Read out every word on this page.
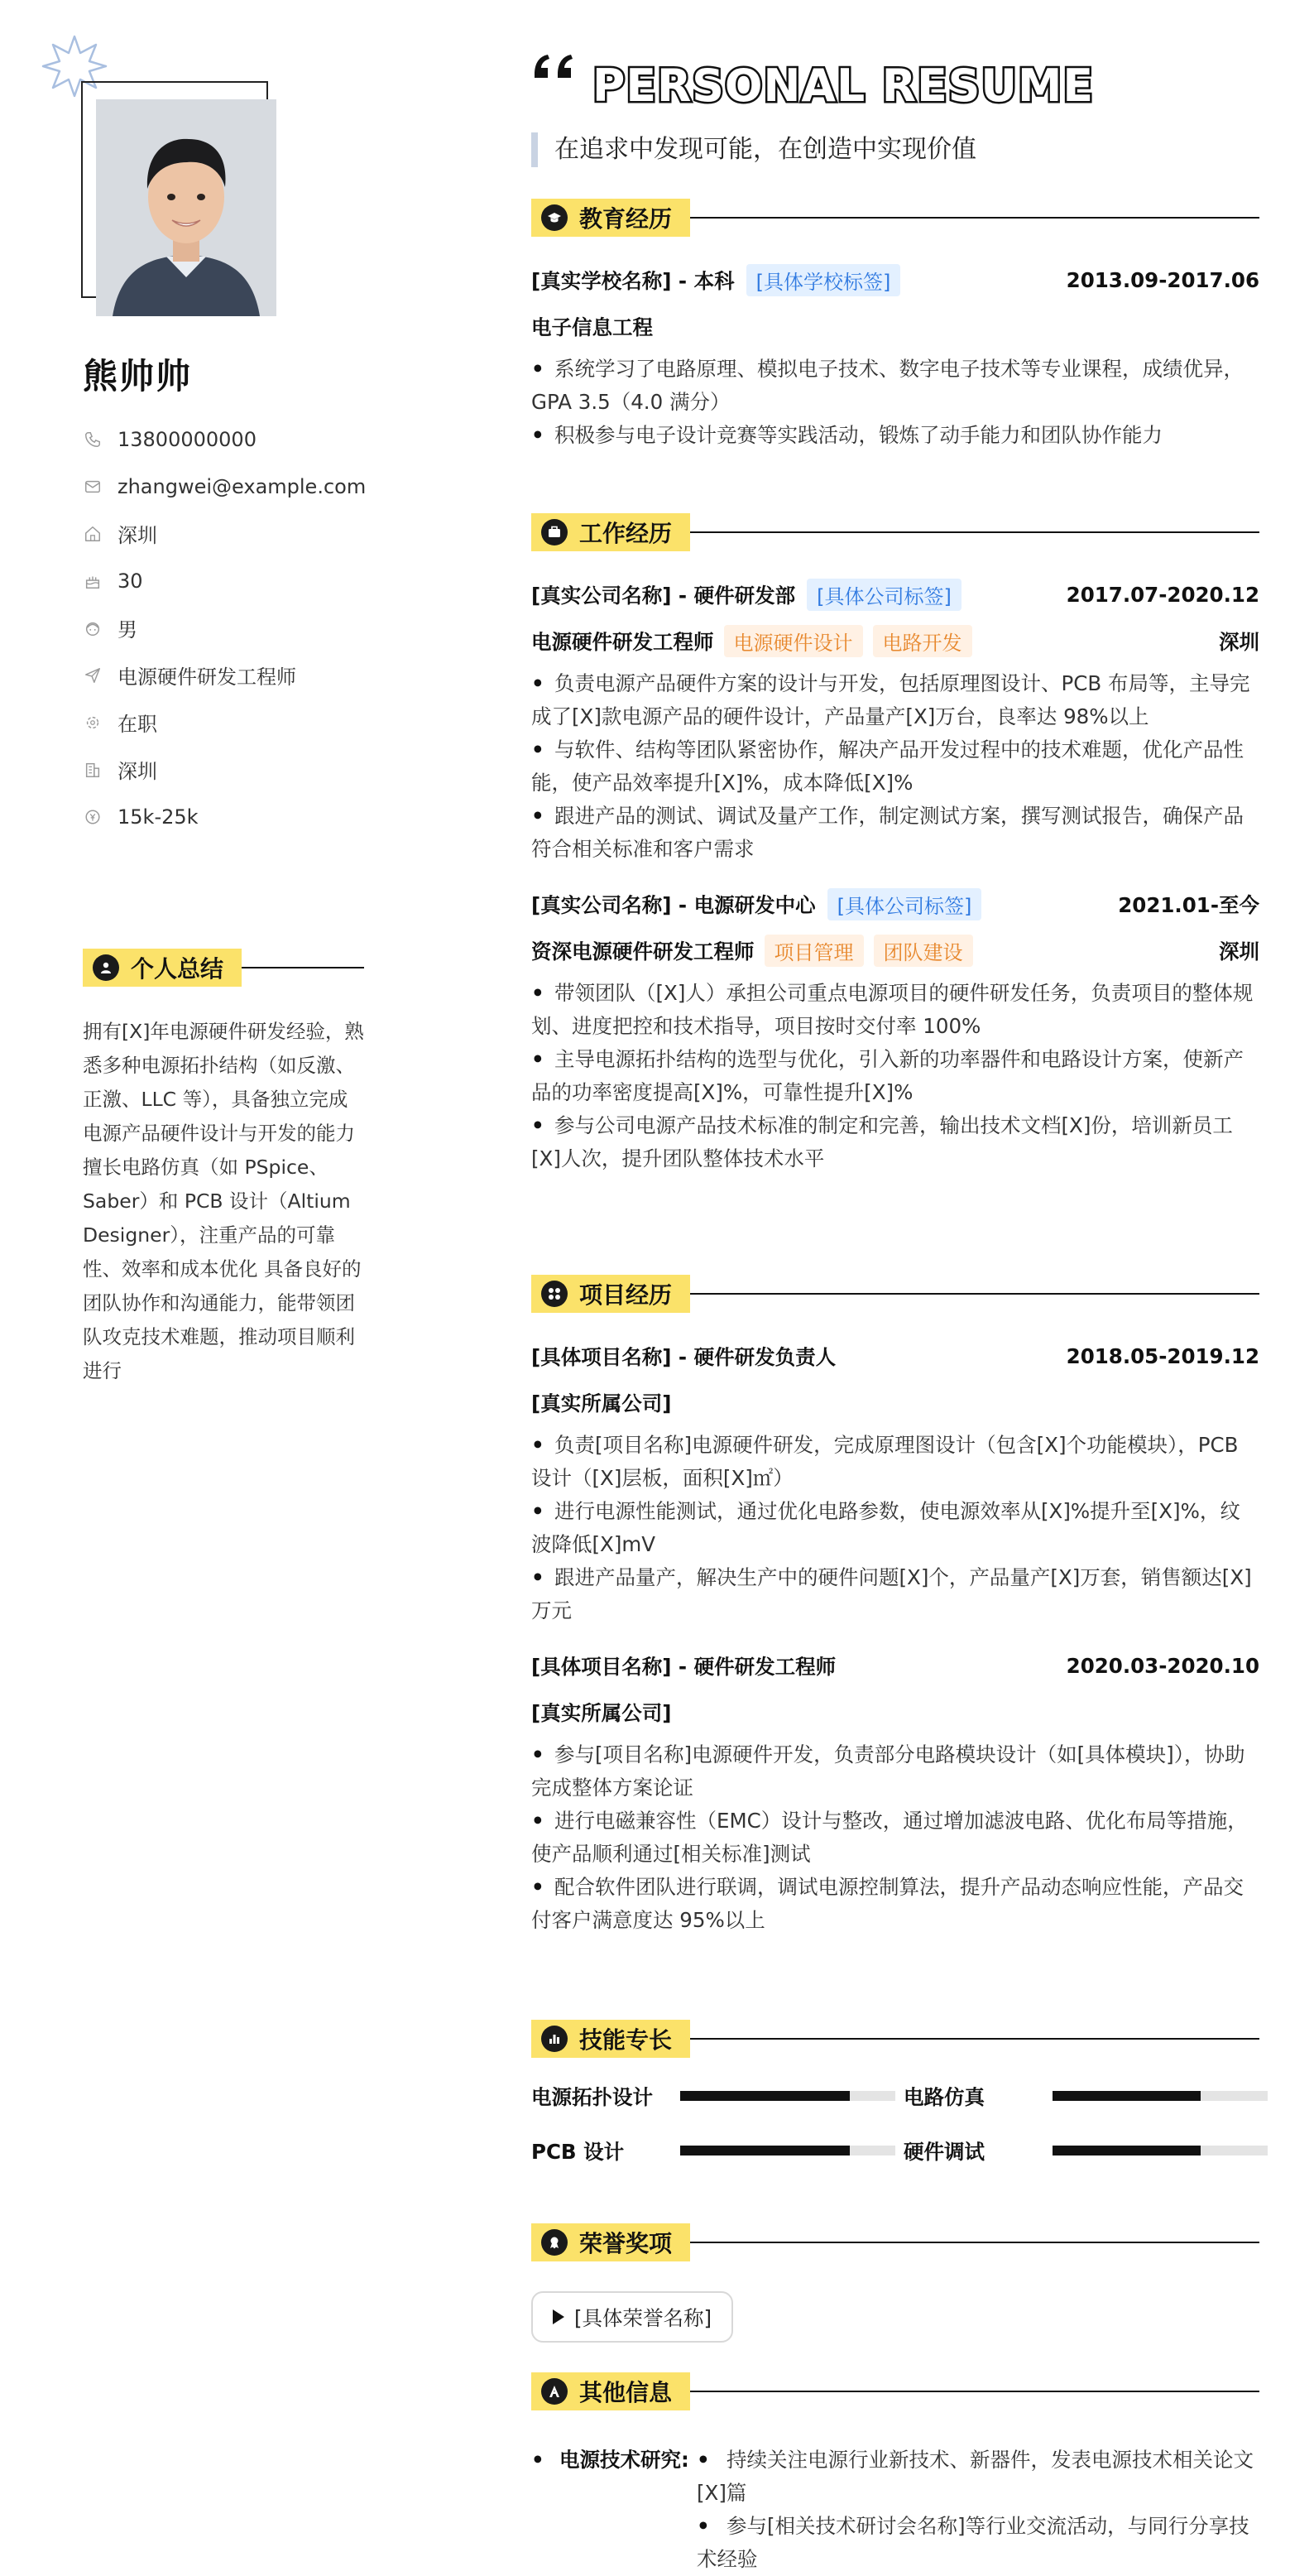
熊帅帅
13800000000
zhangwei@example.com
深圳
30
男
电源硬件研发工程师
在职
深圳
15k-25k
个人总结
拥有[X]年电源硬件研发经验，熟悉多种电源拓扑结构（如反激、正激、LLC 等），具备独立完成电源产品硬件设计与开发的能力 擅长电路仿真（如 PSpice、Saber）和 PCB 设计（Altium Designer），注重产品的可靠性、效率和成本优化 具备良好的团队协作和沟通能力，能带领团队攻克技术难题，推动项目顺利进行
PERSONAL RESUME
在追求中发现可能，在创造中实现价值
教育经历
[真实学校名称] - 本科	[具体学校标签]	2013.09-2017.06
电子信息工程
• 系统学习了电路原理、模拟电子技术、数字电子技术等专业课程，成绩优异，GPA 3.5（4.0 满分）
• 积极参与电子设计竞赛等实践活动，锻炼了动手能力和团队协作能力
工作经历
[真实公司名称] - 硬件研发部	[具体公司标签]	2017.07-2020.12
电源硬件研发工程师	电源硬件设计	电路开发	深圳
• 负责电源产品硬件方案的设计与开发，包括原理图设计、PCB 布局等，主导完成了[X]款电源产品的硬件设计，产品量产[X]万台，良率达 98%以上
• 与软件、结构等团队紧密协作，解决产品开发过程中的技术难题，优化产品性能，使产品效率提升[X]%，成本降低[X]%
• 跟进产品的测试、调试及量产工作，制定测试方案，撰写测试报告，确保产品符合相关标准和客户需求
[真实公司名称] - 电源研发中心	[具体公司标签]	2021.01-至今
资深电源硬件研发工程师	项目管理	团队建设	深圳
• 带领团队（[X]人）承担公司重点电源项目的硬件研发任务，负责项目的整体规划、进度把控和技术指导，项目按时交付率 100%
• 主导电源拓扑结构的选型与优化，引入新的功率器件和电路设计方案，使新产品的功率密度提高[X]%，可靠性提升[X]%
• 参与公司电源产品技术标准的制定和完善，输出技术文档[X]份，培训新员工[X]人次，提升团队整体技术水平
项目经历
[具体项目名称] - 硬件研发负责人	2018.05-2019.12
[真实所属公司]
• 负责[项目名称]电源硬件研发，完成原理图设计（包含[X]个功能模块），PCB 设计（[X]层板，面积[X]㎡）
• 进行电源性能测试，通过优化电路参数，使电源效率从[X]%提升至[X]%，纹波降低[X]mV
• 跟进产品量产，解决生产中的硬件问题[X]个，产品量产[X]万套，销售额达[X]万元
[具体项目名称] - 硬件研发工程师	2020.03-2020.10
[真实所属公司]
• 参与[项目名称]电源硬件开发，负责部分电路模块设计（如[具体模块]），协助完成整体方案论证
• 进行电磁兼容性（EMC）设计与整改，通过增加滤波电路、优化布局等措施，使产品顺利通过[相关标准]测试
• 配合软件团队进行联调，调试电源控制算法，提升产品动态响应性能，产品交付客户满意度达 95%以上
技能专长
电源拓扑设计	电路仿真
PCB 设计	硬件调试
荣誉奖项
[具体荣誉名称]
其他信息
• 电源技术研究: • 持续关注电源行业新技术、新器件，发表电源技术相关论文[X]篇
• 参与[相关技术研讨会名称]等行业交流活动，与同行分享技术经验
